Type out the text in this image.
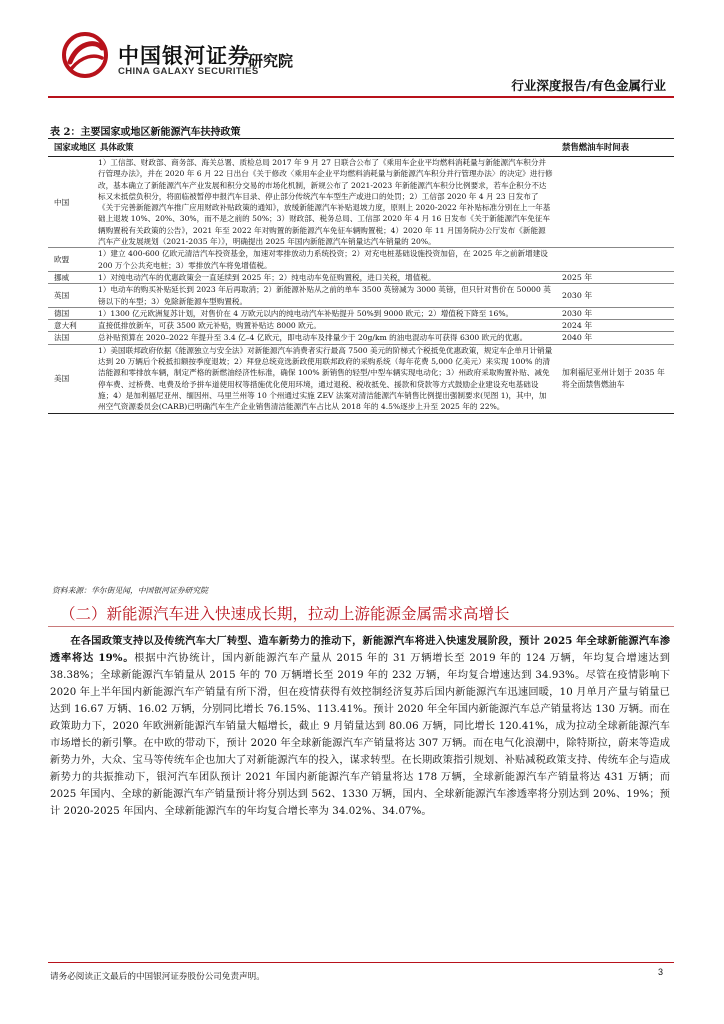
中国银河证券
研究院
CHINA GALAXY SECURITIES
行业深度报告/有色金属行业
表 2：主要国家或地区新能源汽车扶持政策
国家或地区	具体政策	禁售燃油车时间表
中国	1）工信部、财政部、商务部、海关总署、质检总局 2017 年 9 月 27 日联合公布了《乘用车企业平均燃料消耗量与新能源汽车积分并行管理办法》，并在 2020 年 6 月 22 日出台《关于修改〈乘用车企业平均燃料消耗量与新能源汽车积分并行管理办法〉的决定》进行修改，基本确立了新能源汽车产业发展和积分交易的市场化机制，新规公布了 2021-2023 年新能源汽车积分比例要求，若车企积分不达标又未抵偿负积分，将面临被暂停申报汽车目录、停止部分传统汽车车型生产或进口的处罚；2）工信部 2020 年 4 月 23 日发布了《关于完善新能源汽车推广应用财政补贴政策的通知》，放缓新能源汽车补贴退坡力度，原则上 2020-2022 年补贴标准分别在上一年基础上退坡 10%、20%、30%，而不是之前的 50%；3）财政部、税务总局、工信部 2020 年 4 月 16 日发布《关于新能源汽车免征车辆购置税有关政策的公告》，2021 年至 2022 年对购置的新能源汽车免征车辆购置税；4）2020 年 11 月国务院办公厅发布《新能源汽车产业发展规划（2021-2035 年）》，明确提出 2025 年国内新能源汽车销量达汽车销量的 20%。	
欧盟	1）建立 400-600 亿欧元清洁汽车投资基金，加速对零排放动力系统投资；2）对充电桩基础设施投资加倍，在 2025 年之前新增建设 200 万个公共充电桩；3）零排放汽车将免增值税。	
挪威	1）对纯电动汽车的优惠政策会一直延续到 2025 年；2）纯电动车免征购置税，进口关税，增值税。	2025 年
英国	1）电动车的购买补贴延长到 2023 年后再取消；2）新能源补贴从之前的单车 3500 英镑减为 3000 英镑，但只针对售价在 50000 英镑以下的车型；3）免除新能源车型购置税。	2030 年
德国	1）1300 亿元欧洲复苏计划，对售价在 4 万欧元以内的纯电动汽车补贴提升 50%到 9000 欧元；2）增值税下降至 16%。	2030 年
意大利	直接低排放新车，可获 3500 欧元补贴，购置补贴达 8000 欧元。	2024 年
法国	总补贴预算在 2020–2022 年提升至 3.4 亿–4 亿欧元，即电动车及排量少于 20g/km 的油电混动车可获得 6300 欧元的优惠。	2040 年
美国	1）美国联邦政府依据《能源独立与安全法》对新能源汽车消费者实行最高 7500 美元的阶梯式个税抵免优惠政策，规定车企单月计销量达到 20 万辆后个税抵扣额按季度退坡；2）拜登总统竞选新政使用联邦政府的采购系统（每年花费 5,000 亿美元）来实现 100% 的清洁能源和零排放车辆，制定严格的新燃油经济性标准，确保 100% 新销售的轻型/中型车辆实现电动化；3）州政府采取购置补贴、减免停车费、过桥费、电费及给予拼车道使用权等措施优化使用环境，通过退税、税收抵免、援款和贷款等方式鼓励企业建设充电基础设施；4）是加利福尼亚州、缅因州、马里兰州等 10 个州通过实施 ZEV 法案对清洁能源汽车销售比例提出强制要求(见图 1)，其中，加州空气资源委员会(CARB)已明确汽车生产企业销售清洁能源汽车占比从 2018 年的 4.5%逐步上升至 2025 年的 22%。	加利福尼亚州计划于 2035 年将全面禁售燃油车
资料来源：华尔街见闻，中国银河证券研究院
（二）新能源汽车进入快速成长期，拉动上游能源金属需求高增长
在各国政策支持以及传统汽车大厂转型、造车新势力的推动下，新能源汽车将进入快速发展阶段，预计 2025 年全球新能源汽车渗透率将达 19%。根据中汽协统计，国内新能源汽车产量从 2015 年的 31 万辆增长至 2019 年的 124 万辆，年均复合增速达到 38.38%；全球新能源汽车销量从 2015 年的 70 万辆增长至 2019 年的 232 万辆，年均复合增速达到 34.93%。尽管在疫情影响下 2020 年上半年国内新能源汽车产销量有所下滑，但在疫情获得有效控制经济复苏后国内新能源汽车迅速回暖，10 月单月产量与销量已达到 16.67 万辆、16.02 万辆，分别同比增长 76.15%、113.41%。预计 2020 年全年国内新能源汽车总产销量将达 130 万辆。而在政策助力下，2020 年欧洲新能源汽车销量大幅增长，截止 9 月销量达到 80.06 万辆，同比增长 120.41%，成为拉动全球新能源汽车市场增长的新引擎。在中欧的带动下，预计 2020 年全球新能源汽车产销量将达 307 万辆。而在电气化浪潮中，除特斯拉，蔚来等造成新势力外，大众、宝马等传统车企也加大了对新能源汽车的投入，谋求转型。在长期政策指引规划、补贴减税政策支持、传统车企与造成新势力的共振推动下，银河汽车团队预计 2021 年国内新能源汽车产销量将达 178 万辆，全球新能源汽车产销量将达 431 万辆；而 2025 年国内、全球的新能源汽车产销量预计将分别达到 562、1330 万辆，国内、全球新能源汽车渗透率将分别达到 20%、19%；预计 2020-2025 年国内、全球新能源汽车的年均复合增长率为 34.02%、34.07%。
请务必阅读正文最后的中国银河证券股份公司免责声明。	3
